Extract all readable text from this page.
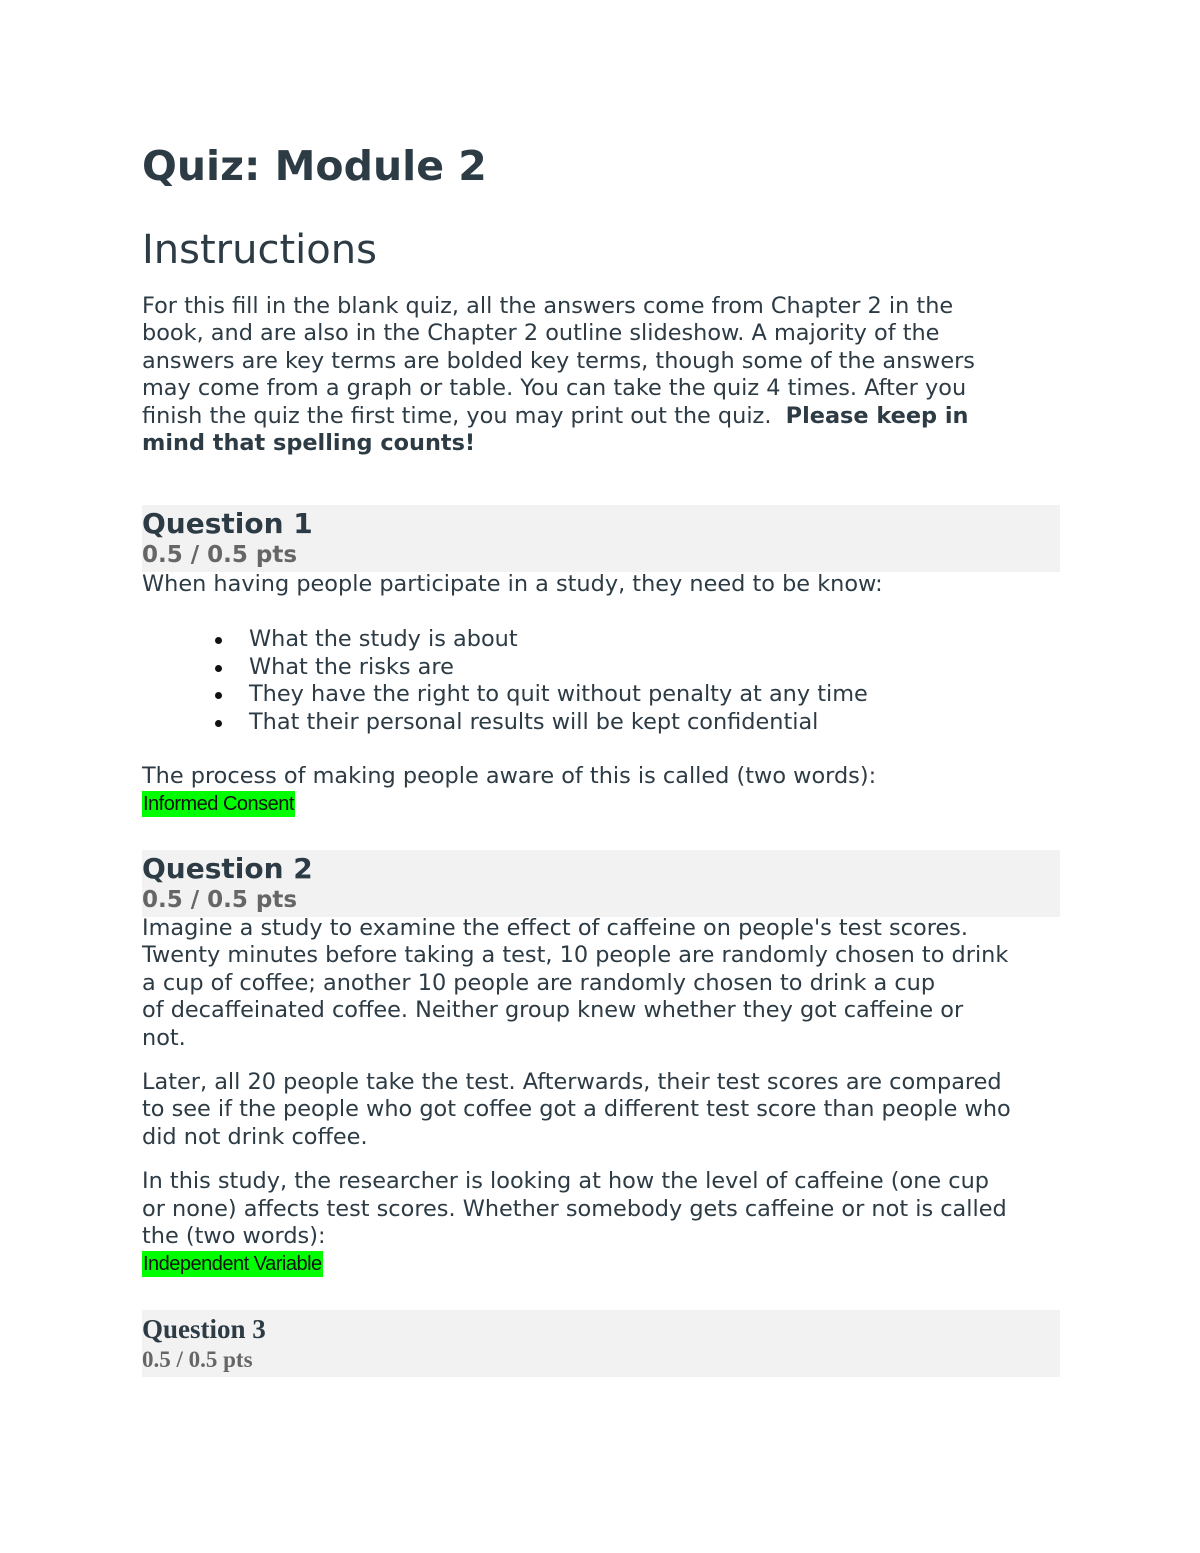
Quiz: Module 2
Instructions
For this fill in the blank quiz, all the answers come from Chapter 2 in the
book, and are also in the Chapter 2 outline slideshow. A majority of the
answers are key terms are bolded key terms, though some of the answers
may come from a graph or table. You can take the quiz 4 times. After you
finish the quiz the first time, you may print out the quiz.  Please keep in
mind that spelling counts!
Question 1
0.5 / 0.5 pts
When having people participate in a study, they need to be know:
What the study is about
What the risks are
They have the right to quit without penalty at any time
That their personal results will be kept confidential
The process of making people aware of this is called (two words):
Informed Consent
Question 2
0.5 / 0.5 pts
Imagine a study to examine the effect of caffeine on people's test scores.
Twenty minutes before taking a test, 10 people are randomly chosen to drink
a cup of coffee; another 10 people are randomly chosen to drink a cup
of decaffeinated coffee. Neither group knew whether they got caffeine or
not.
Later, all 20 people take the test. Afterwards, their test scores are compared
to see if the people who got coffee got a different test score than people who
did not drink coffee.
In this study, the researcher is looking at how the level of caffeine (one cup
or none) affects test scores. Whether somebody gets caffeine or not is called
the (two words):
Independent Variable
Question 3
0.5 / 0.5 pts
